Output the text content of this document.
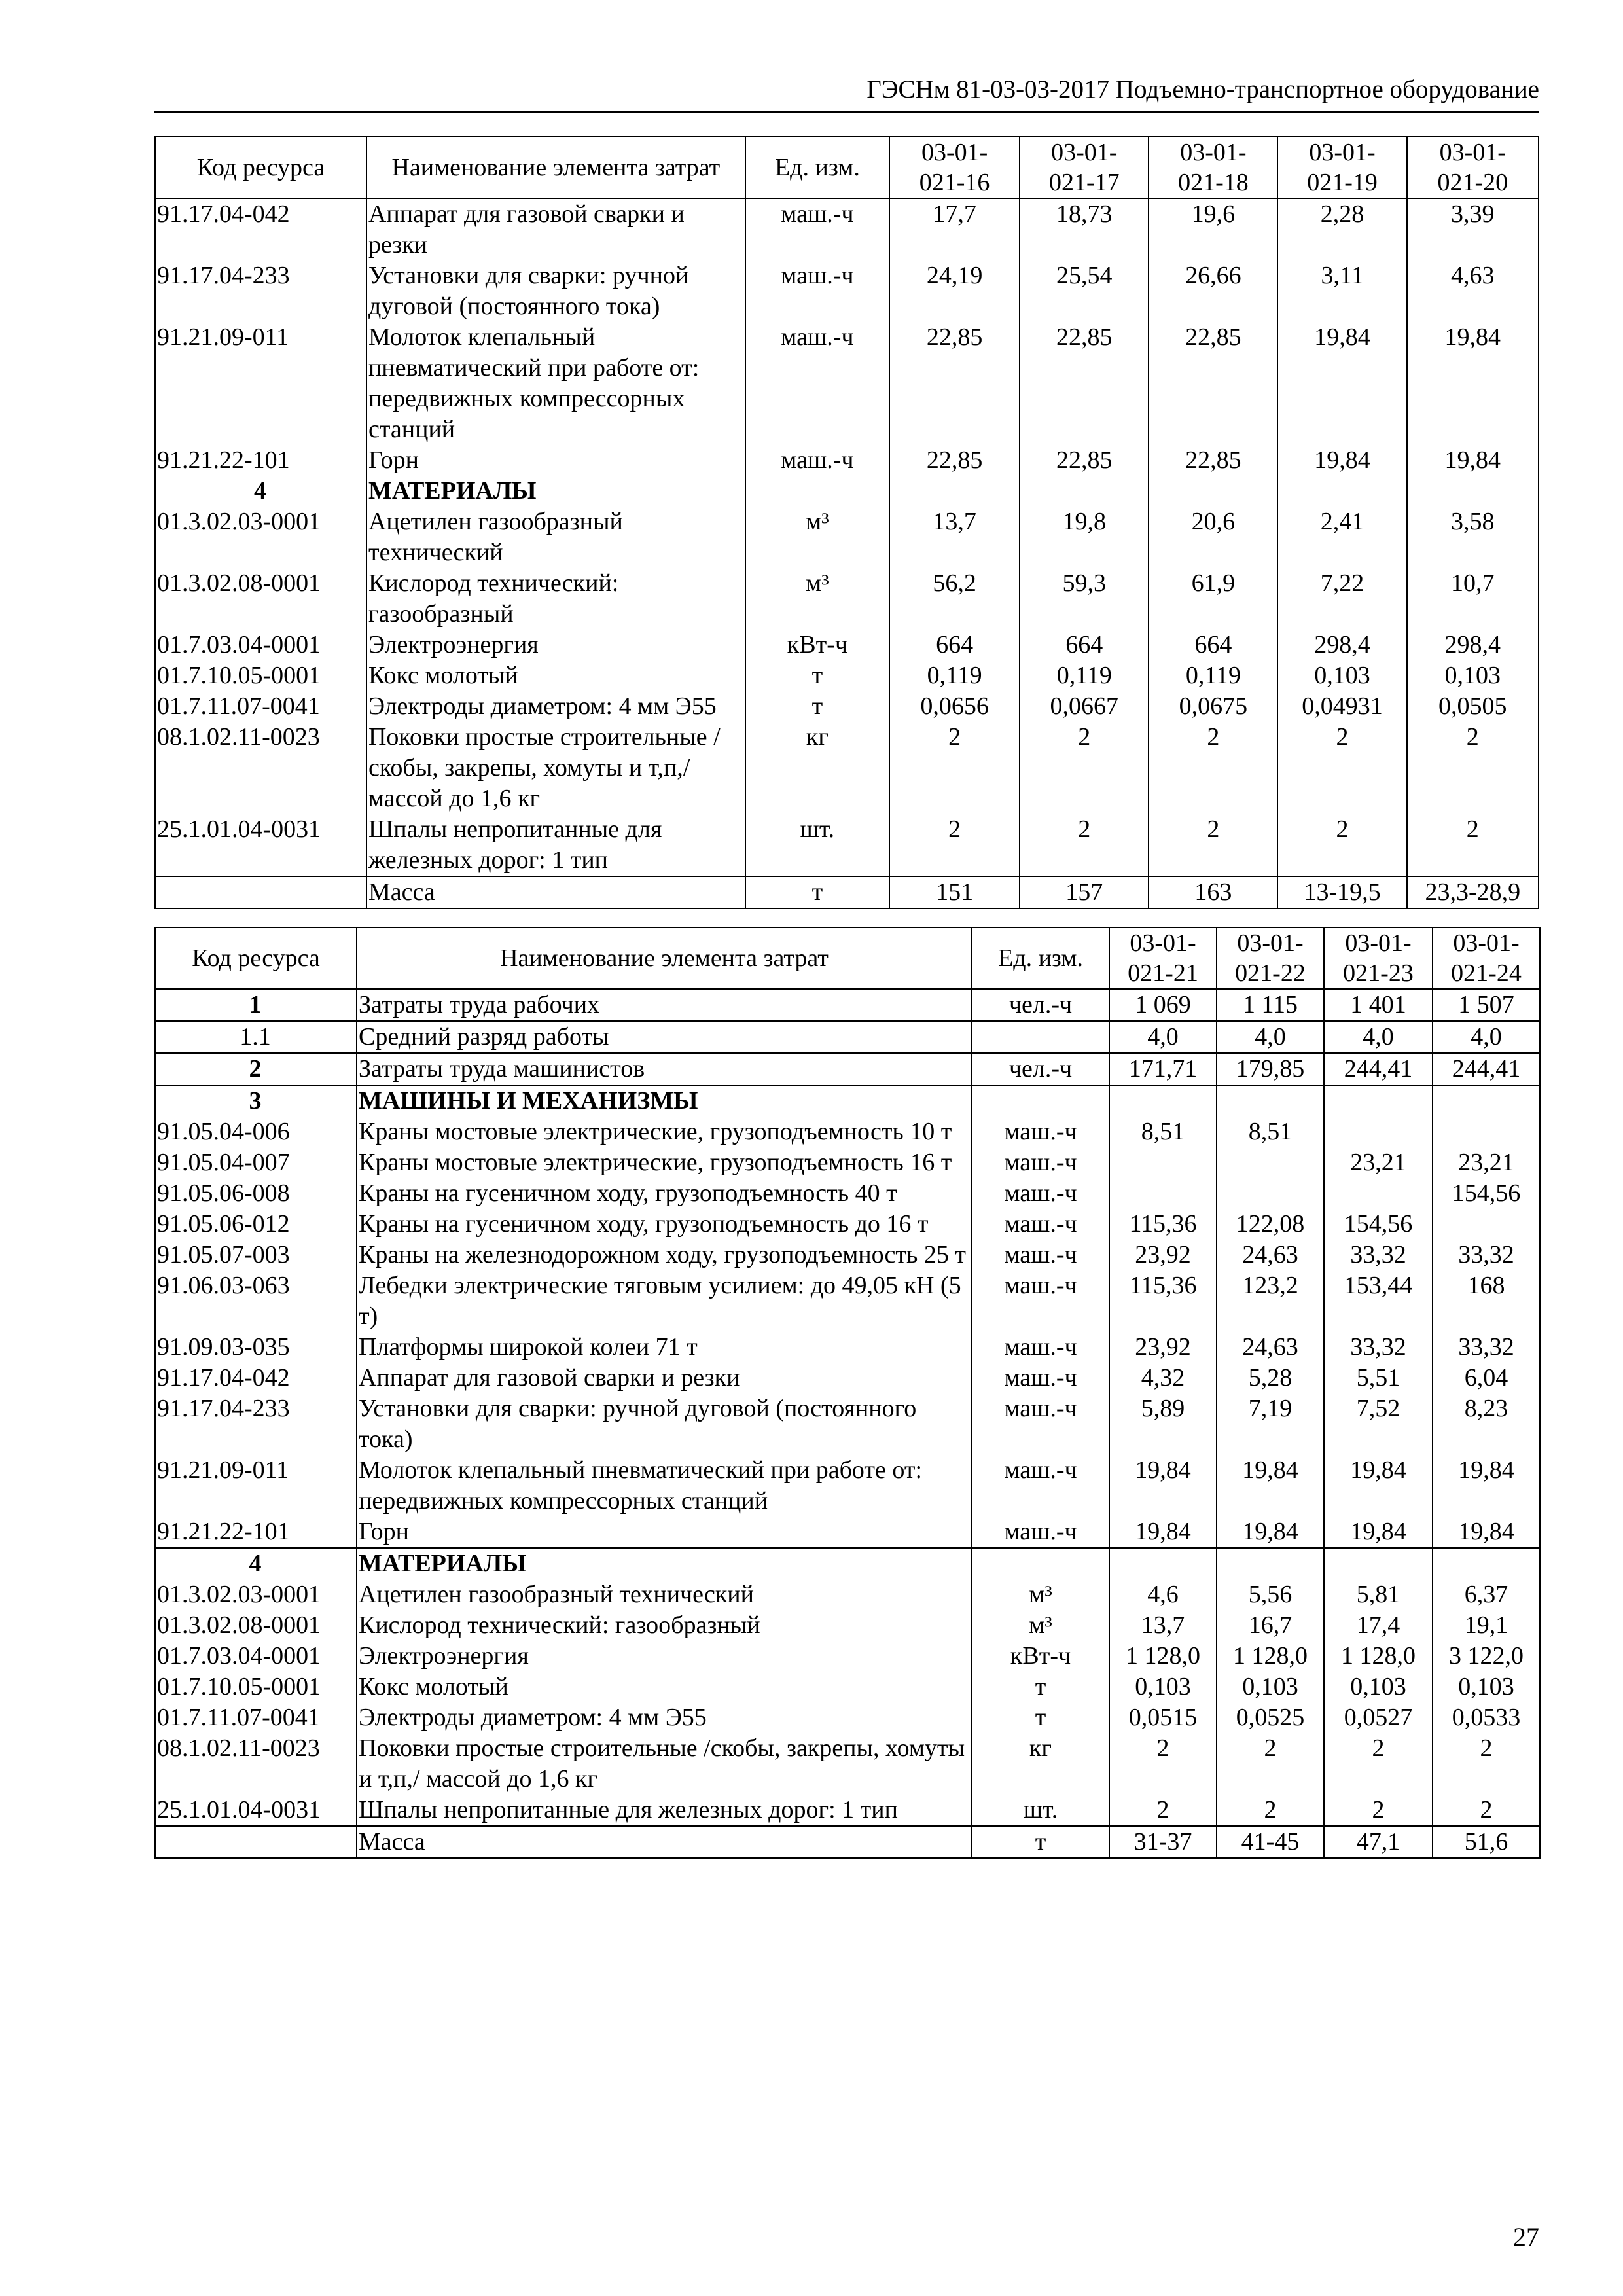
ГЭСНм 81-03-03-2017 Подъемно-транспортное оборудование
Код ресурса	Наименование элемента затрат	Ед. изм.	03-01-
021-16	03-01-
021-17	03-01-
021-18	03-01-
021-19	03-01-
021-20
91.17.04-042	Аппарат для газовой сварки и резки	маш.-ч	17,7	18,73	19,6	2,28	3,39
91.17.04-233	Установки для сварки: ручной дуговой (постоянного тока)	маш.-ч	24,19	25,54	26,66	3,11	4,63
91.21.09-011	Молоток клепальный пневматический при работе от: передвижных компрессорных станций	маш.-ч	22,85	22,85	22,85	19,84	19,84
91.21.22-101	Горн	маш.-ч	22,85	22,85	22,85	19,84	19,84
4	МАТЕРИАЛЫ						
01.3.02.03-0001	Ацетилен газообразный технический	м³	13,7	19,8	20,6	2,41	3,58
01.3.02.08-0001	Кислород технический: газообразный	м³	56,2	59,3	61,9	7,22	10,7
01.7.03.04-0001	Электроэнергия	кВт-ч	664	664	664	298,4	298,4
01.7.10.05-0001	Кокс молотый	т	0,119	0,119	0,119	0,103	0,103
01.7.11.07-0041	Электроды диаметром: 4 мм Э55	т	0,0656	0,0667	0,0675	0,04931	0,0505
08.1.02.11-0023	Поковки простые строительные /скобы, закрепы, хомуты и т,п,/ массой до 1,6 кг	кг	2	2	2	2	2
25.1.01.04-0031	Шпалы непропитанные для железных дорог: 1 тип	шт.	2	2	2	2	2
	Масса	т	151	157	163	13-19,5	23,3-28,9
Код ресурса	Наименование элемента затрат	Ед. изм.	03-01-
021-21	03-01-
021-22	03-01-
021-23	03-01-
021-24
1	Затраты труда рабочих	чел.-ч	1 069	1 115	1 401	1 507
1.1	Средний разряд работы		4,0	4,0	4,0	4,0
2	Затраты труда машинистов	чел.-ч	171,71	179,85	244,41	244,41
3	МАШИНЫ И МЕХАНИЗМЫ					
91.05.04-006	Краны мостовые электрические, грузоподъемность 10 т	маш.-ч	8,51	8,51		
91.05.04-007	Краны мостовые электрические, грузоподъемность 16 т	маш.-ч			23,21	23,21
91.05.06-008	Краны на гусеничном ходу, грузоподъемность 40 т	маш.-ч				154,56
91.05.06-012	Краны на гусеничном ходу, грузоподъемность до 16 т	маш.-ч	115,36	122,08	154,56	
91.05.07-003	Краны на железнодорожном ходу, грузоподъемность 25 т	маш.-ч	23,92	24,63	33,32	33,32
91.06.03-063	Лебедки электрические тяговым усилием: до 49,05 кН (5 т)	маш.-ч	115,36	123,2	153,44	168
91.09.03-035	Платформы широкой колеи 71 т	маш.-ч	23,92	24,63	33,32	33,32
91.17.04-042	Аппарат для газовой сварки и резки	маш.-ч	4,32	5,28	5,51	6,04
91.17.04-233	Установки для сварки: ручной дуговой (постоянного тока)	маш.-ч	5,89	7,19	7,52	8,23
91.21.09-011	Молоток клепальный пневматический при работе от: передвижных компрессорных станций	маш.-ч	19,84	19,84	19,84	19,84
91.21.22-101	Горн	маш.-ч	19,84	19,84	19,84	19,84
4	МАТЕРИАЛЫ					
01.3.02.03-0001	Ацетилен газообразный технический	м³	4,6	5,56	5,81	6,37
01.3.02.08-0001	Кислород технический: газообразный	м³	13,7	16,7	17,4	19,1
01.7.03.04-0001	Электроэнергия	кВт-ч	1 128,0	1 128,0	1 128,0	3 122,0
01.7.10.05-0001	Кокс молотый	т	0,103	0,103	0,103	0,103
01.7.11.07-0041	Электроды диаметром: 4 мм Э55	т	0,0515	0,0525	0,0527	0,0533
08.1.02.11-0023	Поковки простые строительные /скобы, закрепы, хомуты и т,п,/ массой до 1,6 кг	кг	2	2	2	2
25.1.01.04-0031	Шпалы непропитанные для железных дорог: 1 тип	шт.	2	2	2	2
	Масса	т	31-37	41-45	47,1	51,6
27
